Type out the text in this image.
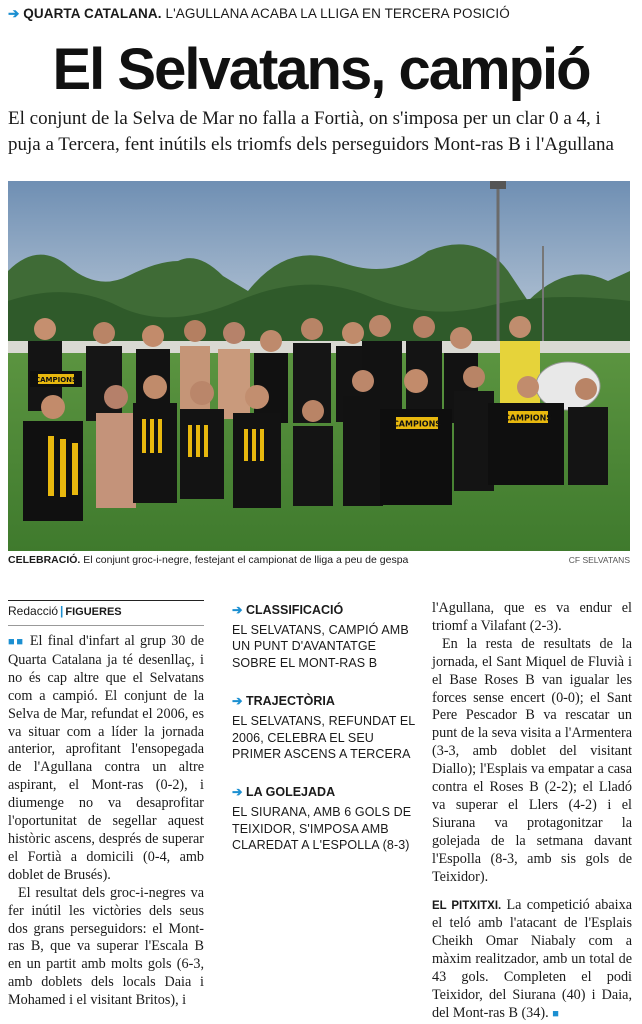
➔ QUARTA CATALANA. L'AGULLANA ACABA LA LLIGA EN TERCERA POSICIÓ
El Selvatans, campió
El conjunt de la Selva de Mar no falla a Fortià, on s'imposa per un clar 0 a 4, i puja a Tercera, fent inútils els triomfs dels perseguidors Mont-ras B i l'Agullana
CAMPIONS
CAMPIONS
CAMPIONS
CELEBRACIÓ. El conjunt groc-i-negre, festejant el campionat de lliga a peu de gespa	CF SELVATANS
Redacció | FIGUERES

■■ El final d'infart al grup 30 de Quarta Catalana ja té desenllaç, i no és cap altre que el Selvatans com a campió. El conjunt de la Selva de Mar, refundat el 2006, es va situar com a líder la jornada anterior, aprofitant l'ensopegada de l'Agullana contra un altre aspirant, el Mont-ras (0-2), i diumenge no va desaprofitar l'oportunitat de segellar aquest històric ascens, després de superar el Fortià a domicili (0-4, amb doblet de Brusés).

El resultat dels groc-i-negres va fer inútil les victòries dels seus dos grans perseguidors: el Mont-ras B, que va superar l'Escala B en un partit amb molts gols (6-3, amb doblets dels locals Daia i Mohamed i el visitant Britos), i

➔ CLASSIFICACIÓ
EL SELVATANS, CAMPIÓ AMB UN PUNT D'AVANTATGE SOBRE EL MONT-RAS B
➔ TRAJECTÒRIA
EL SELVATANS, REFUNDAT EL 2006, CELEBRA EL SEU PRIMER ASCENS A TERCERA
➔ LA GOLEJADA
EL SIURANA, AMB 6 GOLS DE TEIXIDOR, S'IMPOSA AMB CLAREDAT A L'ESPOLLA (8-3)

l'Agullana, que es va endur el triomf a Vilafant (2-3).

En la resta de resultats de la jornada, el Sant Miquel de Fluvià i el Base Roses B van igualar les forces sense encert (0-0); el Sant Pere Pescador B va rescatar un punt de la seva visita a l'Armentera (3-3, amb doblet del visitant Diallo); l'Esplais va empatar a casa contra el Roses B (2-2); el Lladó va superar el Llers (4-2) i el Siurana va protagonitzar la golejada de la setmana davant l'Espolla (8-3, amb sis gols de Teixidor).

EL PITXITXI. La competició abaixa el teló amb l'atacant de l'Esplais Cheikh Omar Niabaly com a màxim realitzador, amb un total de 43 gols. Completen el podi Teixidor, del Siurana (40) i Daia, del Mont-ras B (34). ■
